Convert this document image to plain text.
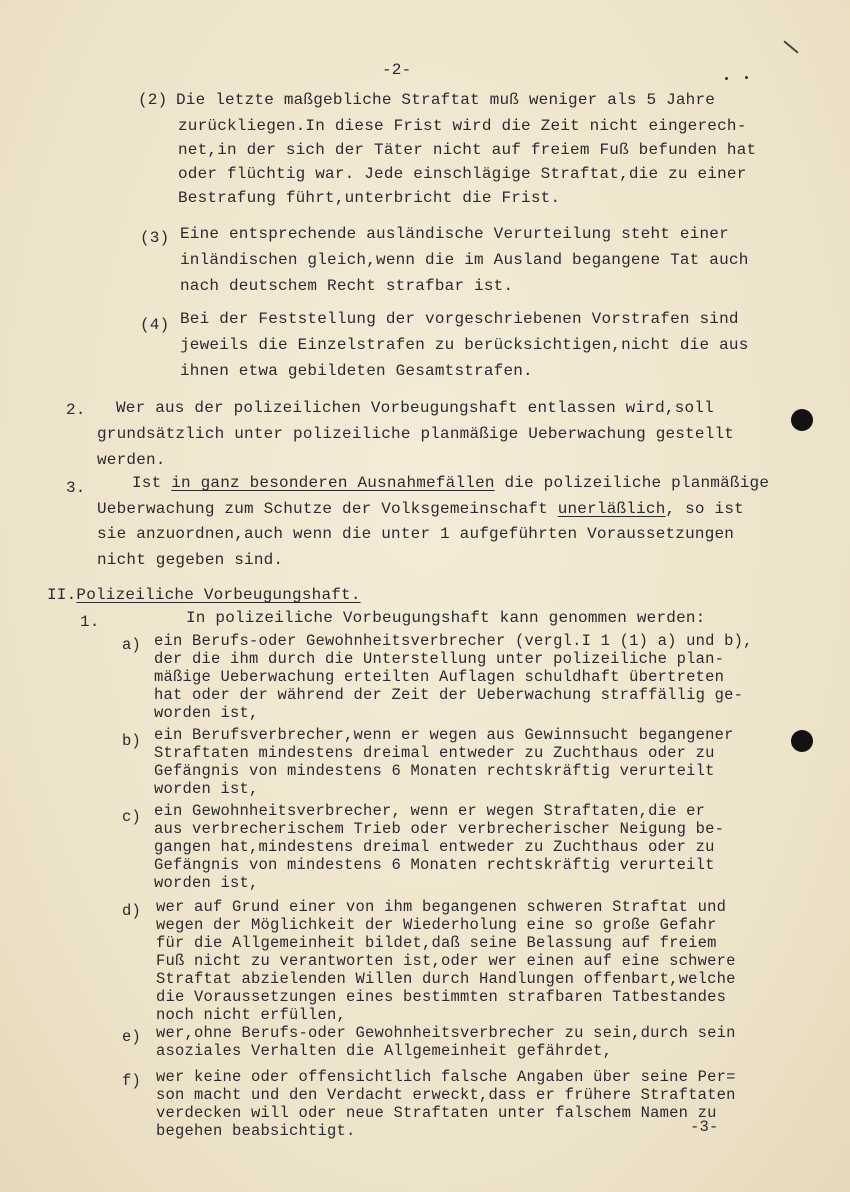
-2-
(2) Die letzte maßgebliche Straftat muß weniger als 5 Jahre
zurückliegen.In diese Frist wird die Zeit nicht eingerech-
net,in der sich der Täter nicht auf freiem Fuß befunden hat
oder flüchtig war. Jede einschlägige Straftat,die zu einer
Bestrafung führt,unterbricht die Frist.
(3) Eine entsprechende ausländische Verurteilung steht einer
inländischen gleich,wenn die im Ausland begangene Tat auch
nach deutschem Recht strafbar ist.
(4) Bei der Feststellung der vorgeschriebenen Vorstrafen sind
jeweils die Einzelstrafen zu berücksichtigen,nicht die aus
ihnen etwa gebildeten Gesamtstrafen.
2. Wer aus der polizeilichen Vorbeugungshaft entlassen wird,soll
grundsätzlich unter polizeiliche planmäßige Ueberwachung gestellt
werden.
3.	Ist in ganz besonderen Ausnahmefällen die polizeiliche planmäßige
Ueberwachung zum Schutze der Volksgemeinschaft unerläßlich, so ist
sie anzuordnen,auch wenn die unter 1 aufgeführten Voraussetzungen
nicht gegeben sind.
II.Polizeiliche Vorbeugungshaft.
1.	In polizeiliche Vorbeugungshaft kann genommen werden:
a) ein Berufs-oder Gewohnheitsverbrecher (vergl.I 1 (1) a) und b),
der die ihm durch die Unterstellung unter polizeiliche plan-
mäßige Ueberwachung erteilten Auflagen schuldhaft übertreten
hat oder der während der Zeit der Ueberwachung straffällig ge-
worden ist,
b) ein Berufsverbrecher,wenn er wegen aus Gewinnsucht begangener
Straftaten mindestens dreimal entweder zu Zuchthaus oder zu
Gefängnis von mindestens 6 Monaten rechtskräftig verurteilt
worden ist,
c) ein Gewohnheitsverbrecher, wenn er wegen Straftaten,die er
aus verbrecherischem Trieb oder verbrecherischer Neigung be-
gangen hat,mindestens dreimal entweder zu Zuchthaus oder zu
Gefängnis von mindestens 6 Monaten rechtskräftig verurteilt
worden ist,
d) wer auf Grund einer von ihm begangenen schweren Straftat und
wegen der Möglichkeit der Wiederholung eine so große Gefahr
für die Allgemeinheit bildet,daß seine Belassung auf freiem
Fuß nicht zu verantworten ist,oder wer einen auf eine schwere
Straftat abzielenden Willen durch Handlungen offenbart,welche
die Voraussetzungen eines bestimmten strafbaren Tatbestandes
noch nicht erfüllen,
e) wer,ohne Berufs-oder Gewohnheitsverbrecher zu sein,durch sein
asoziales Verhalten die Allgemeinheit gefährdet,
f) wer keine oder offensichtlich falsche Angaben über seine Per=
son macht und den Verdacht erweckt,dass er frühere Straftaten
verdecken will oder neue Straftaten unter falschem Namen zu
begehen beabsichtigt.	-3-
